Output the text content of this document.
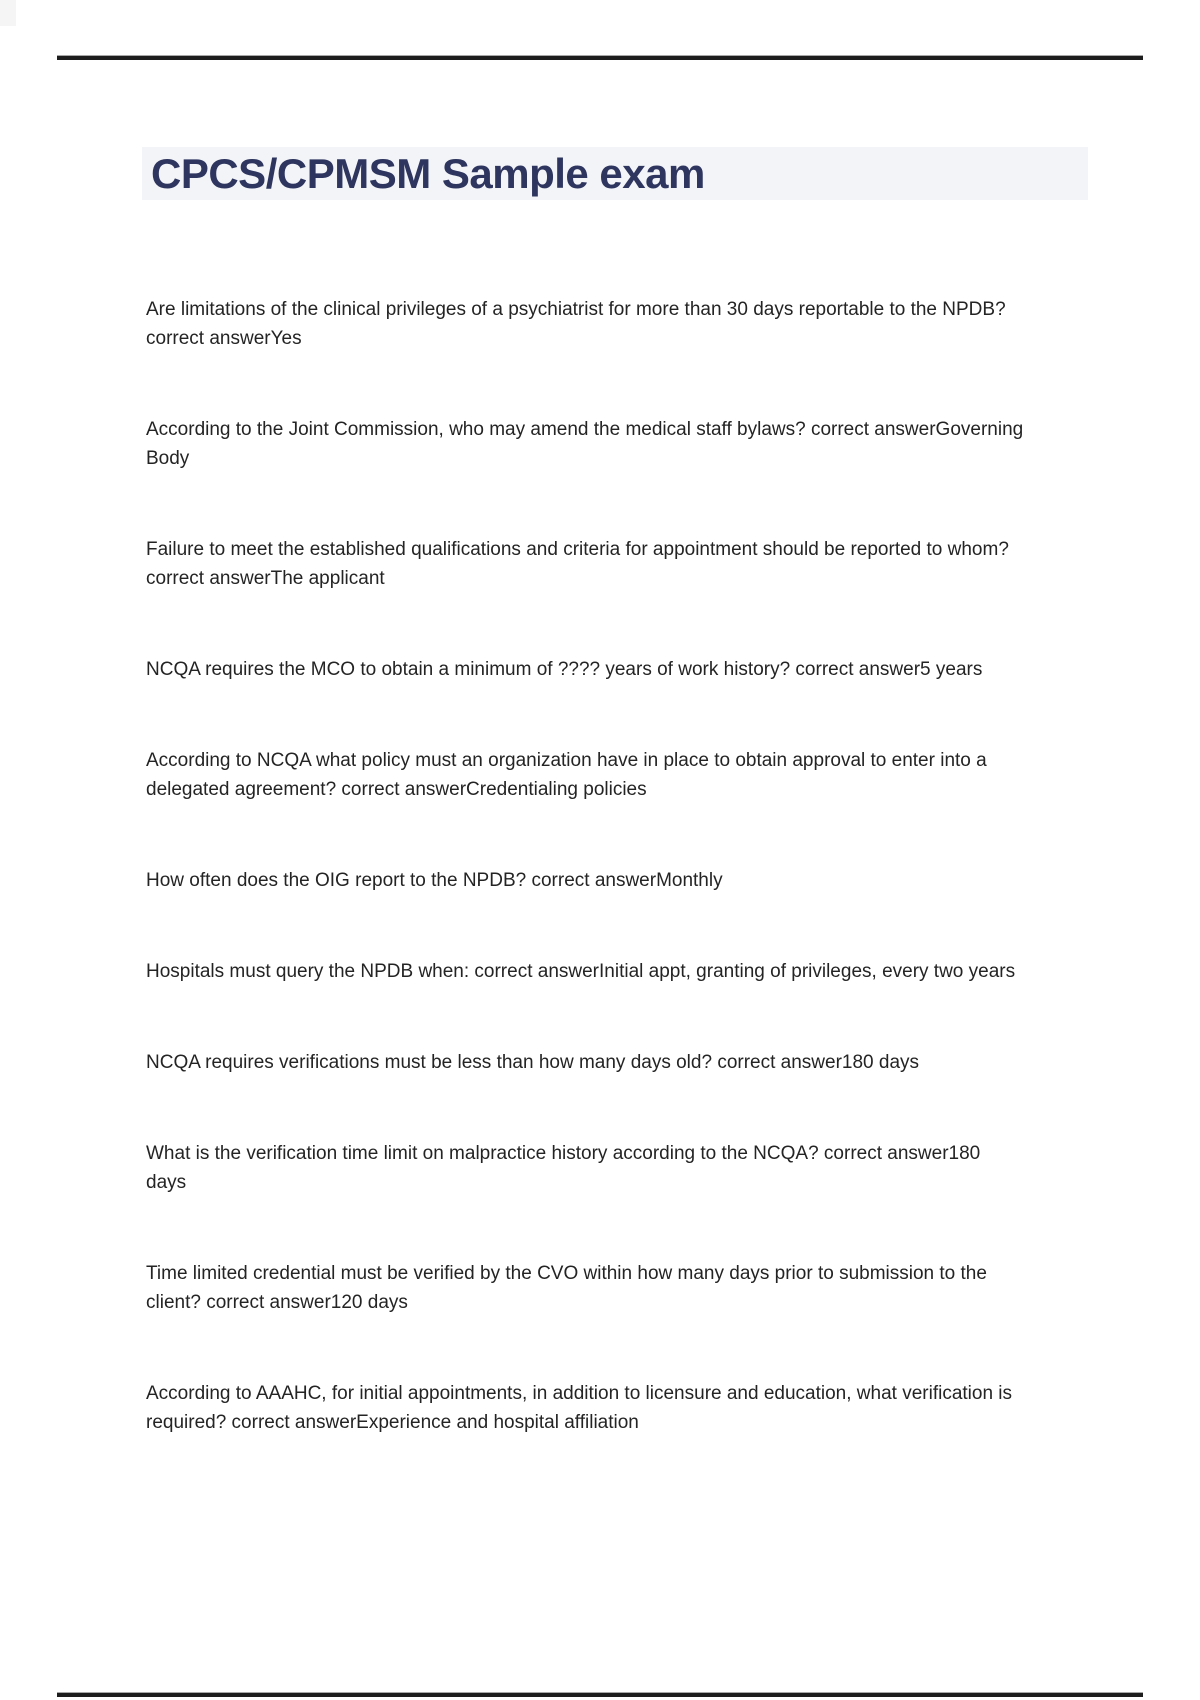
CPCS/CPMSM Sample exam

Are limitations of the clinical privileges of a psychiatrist for more than 30 days reportable to the NPDB?
correct answerYes

According to the Joint Commission, who may amend the medical staff bylaws? correct answerGoverning
Body

Failure to meet the established qualifications and criteria for appointment should be reported to whom?
correct answerThe applicant

NCQA requires the MCO to obtain a minimum of ???? years of work history? correct answer5 years

According to NCQA what policy must an organization have in place to obtain approval to enter into a
delegated agreement? correct answerCredentialing policies

How often does the OIG report to the NPDB? correct answerMonthly

Hospitals must query the NPDB when: correct answerInitial appt, granting of privileges, every two years

NCQA requires verifications must be less than how many days old? correct answer180 days

What is the verification time limit on malpractice history according to the NCQA? correct answer180
days

Time limited credential must be verified by the CVO within how many days prior to submission to the
client? correct answer120 days

According to AAAHC, for initial appointments, in addition to licensure and education, what verification is
required? correct answerExperience and hospital affiliation
